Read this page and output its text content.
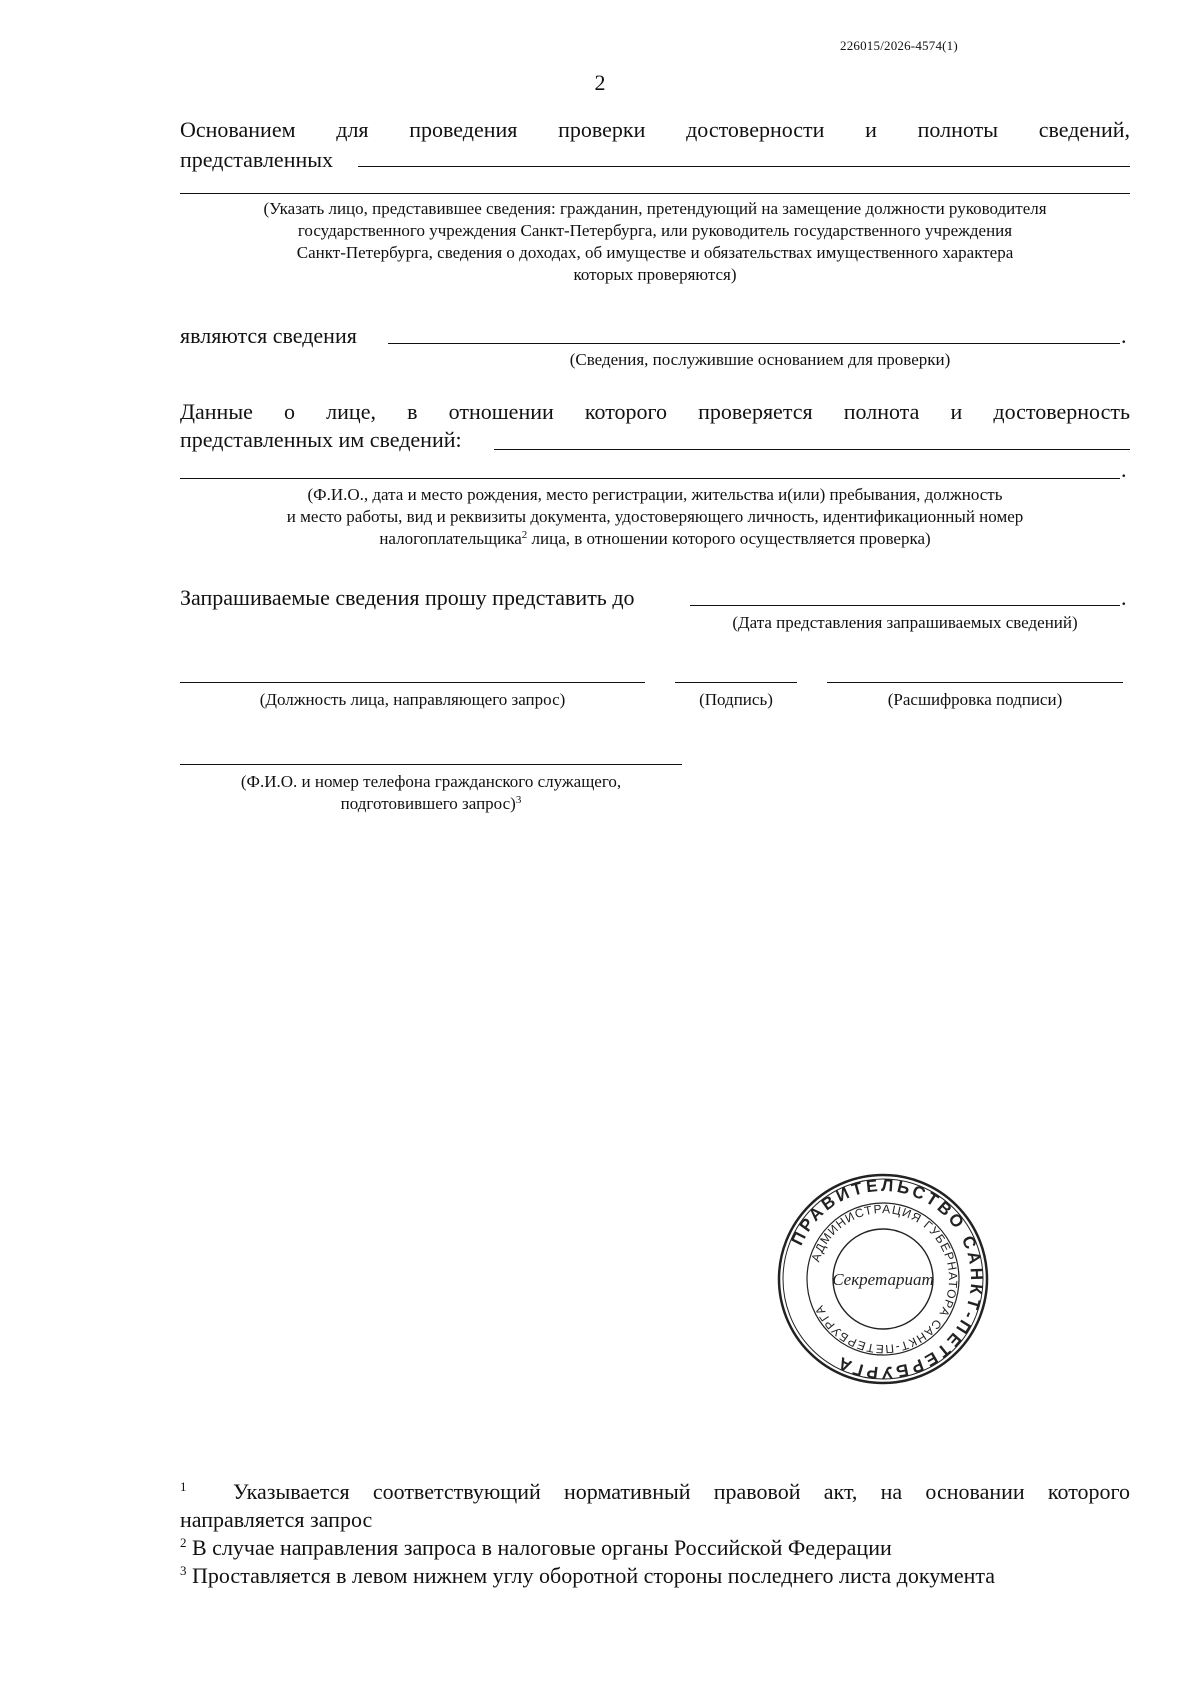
226015/2026-4574(1)
2
Основанием для проведения проверки достоверности и полноты сведений,
представленных
(Указать лицо, представившее сведения: гражданин, претендующий на замещение должности руководителя
государственного учреждения Санкт-Петербурга, или руководитель государственного учреждения
Санкт-Петербурга, сведения о доходах, об имуществе и обязательствах имущественного характера
которых проверяются)
являются сведения	.
(Сведения, послужившие основанием для проверки)
Данные о лице, в отношении которого проверяется полнота и достоверность
представленных им сведений:
.
(Ф.И.О., дата и место рождения, место регистрации, жительства и(или) пребывания, должность
и место работы, вид и реквизиты документа, удостоверяющего личность, идентификационный номер
налогоплательщика$^2$ лица, в отношении которого осуществляется проверка)
Запрашиваемые сведения прошу представить до	.
(Дата представления запрашиваемых сведений)
(Должность лица, направляющего запрос)	(Подпись)	(Расшифровка подписи)
(Ф.И.О. и номер телефона гражданского служащего,
подготовившего запрос)$^3$
ПРАВИТЕЛЬСТВО САНКТ-ПЕТЕРБУРГА
АДМИНИСТРАЦИЯ ГУБЕРНАТОРА САНКТ-ПЕТЕРБУРГА
Секретариат
$^1$ Указывается соответствующий нормативный правовой акт, на основании которого
направляется запрос
$^2$ В случае направления запроса в налоговые органы Российской Федерации
$^3$ Проставляется в левом нижнем углу оборотной стороны последнего листа документа
